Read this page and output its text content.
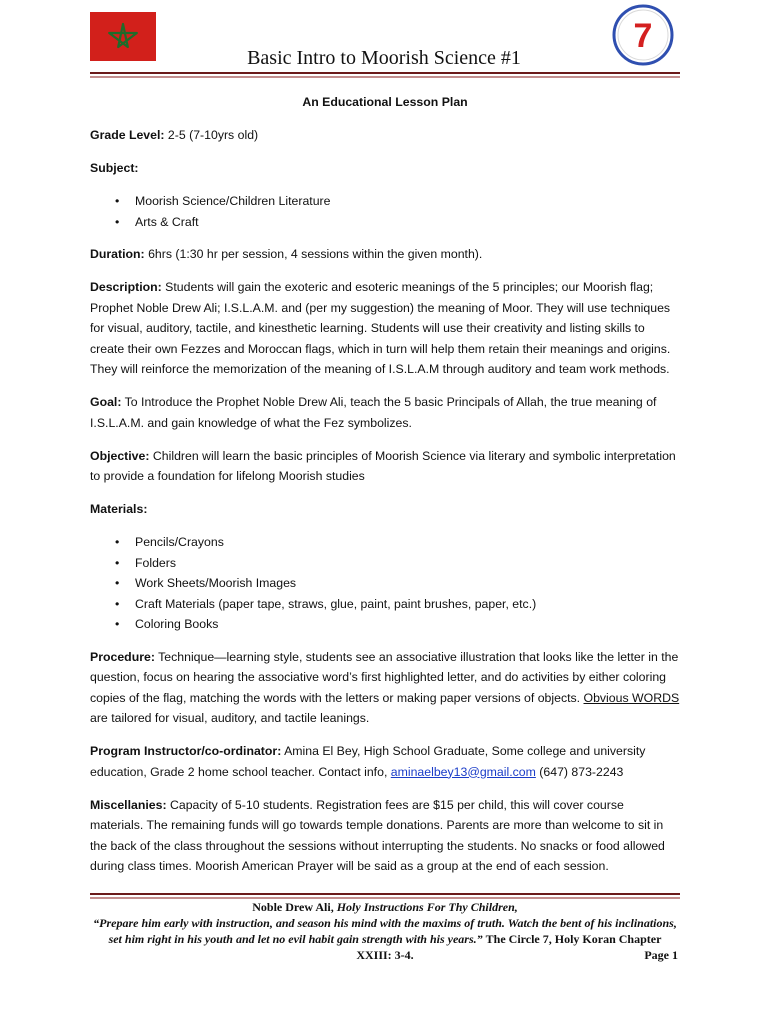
7
Basic Intro to Moorish Science #1

An Educational Lesson Plan

Grade Level: 2-5 (7-10yrs old)

Subject:

• Moorish Science/Children Literature
• Arts & Craft

Duration: 6hrs (1:30 hr per session, 4 sessions within the given month).

Description: Students will gain the exoteric and esoteric meanings of the 5 principles; our Moorish flag; Prophet Noble Drew Ali; I.S.L.A.M. and (per my suggestion) the meaning of Moor. They will use techniques for visual, auditory, tactile, and kinesthetic learning. Students will use their creativity and listing skills to create their own Fezzes and Moroccan flags, which in turn will help them retain their meanings and origins. They will reinforce the memorization of the meaning of I.S.L.A.M through auditory and team work methods.

Goal: To Introduce the Prophet Noble Drew Ali, teach the 5 basic Principals of Allah, the true meaning of I.S.L.A.M. and gain knowledge of what the Fez symbolizes.

Objective: Children will learn the basic principles of Moorish Science via literary and symbolic interpretation to provide a foundation for lifelong Moorish studies

Materials:

• Pencils/Crayons
• Folders
• Work Sheets/Moorish Images
• Craft Materials (paper tape, straws, glue, paint, paint brushes, paper, etc.)
• Coloring Books

Procedure: Technique—learning style, students see an associative illustration that looks like the letter in the question, focus on hearing the associative word’s first highlighted letter, and do activities by either coloring copies of the flag, matching the words with the letters or making paper versions of objects. Obvious WORDS are tailored for visual, auditory, and tactile leanings.

Program Instructor/co-ordinator: Amina El Bey, High School Graduate, Some college and university education, Grade 2 home school teacher. Contact info, aminaelbey13@gmail.com (647) 873-2243

Miscellanies: Capacity of 5-10 students. Registration fees are $15 per child, this will cover course materials. The remaining funds will go towards temple donations. Parents are more than welcome to sit in the back of the class throughout the sessions without interrupting the students. No snacks or food allowed during class times. Moorish American Prayer will be said as a group at the end of each session.

Noble Drew Ali, Holy Instructions For Thy Children,
“Prepare him early with instruction, and season his mind with the maxims of truth. Watch the bent of his inclinations, set him right in his youth and let no evil habit gain strength with his years.” The Circle 7, Holy Koran Chapter XXIII: 3-4.	Page 1
